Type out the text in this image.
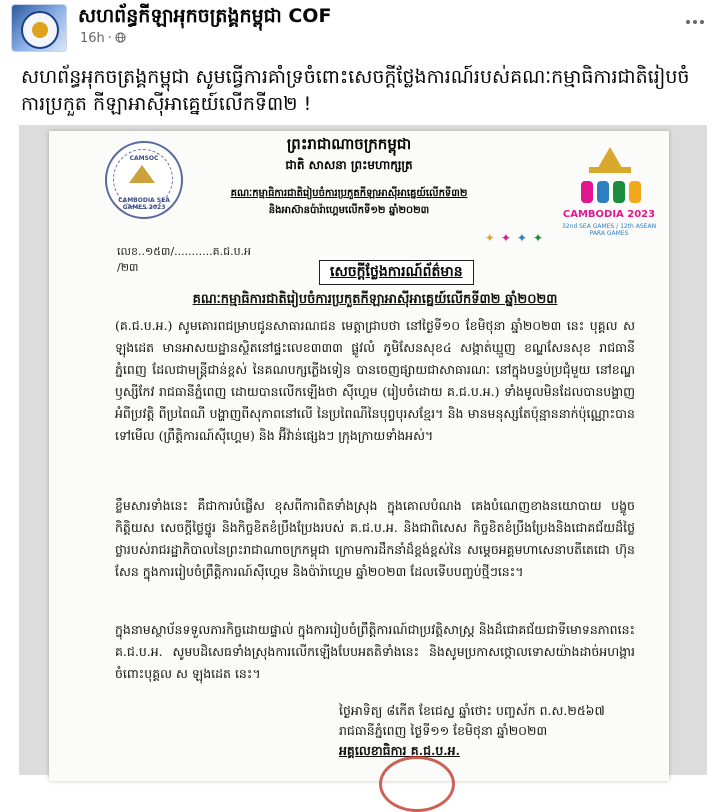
សហព័ន្ធកីឡាអុកចត្រង្គកម្ពុជា COF
16h ·
សហព័ន្ធអុកចត្រង្គកម្ពុជា សូមធ្វើការគាំទ្រចំពោះសេចក្តីថ្លែងការណ៍របស់គណៈកម្មាធិការជាតិរៀបចំការប្រកួត កីឡាអាស៊ីអាគ្នេយ៍លើកទី៣២ !
CAMSOC
CAMBODIA SEA GAMES 2023
ព្រះរាជាណាចក្រកម្ពុជា
ជាតិ សាសនា ព្រះមហាក្សត្រ
គណៈកម្មាធិការជាតិរៀបចំការប្រកួតកីឡាអាស៊ីអាគ្នេយ៍លើកទី៣២
និងអាស៊ានប៉ារ៉ាហ្គេមលើកទី១២ ឆ្នាំ២០២៣
✦✦✦✦
CAMBODIA 2023
32nd SEA GAMES / 12th ASEAN PARA GAMES
លេខ..១៥៣/...........គ.ជ.ប.អ
/២៣	សេចក្តីថ្លែងការណ៍ព័ត៌មាន
គណៈកម្មាធិការជាតិរៀបចំការប្រកួតកីឡាអាស៊ីអាគ្នេយ៍លើកទី៣២ ឆ្នាំ២០២៣
(គ.ជ.ប.អ.) សូមគោរពជម្រាបជូនសាធារណជន មេត្តាជ្រាបថា នៅថ្ងៃទី១០ ខែមិថុនា ឆ្នាំ២០២៣ នេះ បុគ្គល ស ឡុងដេត មានអាសយដ្ឋានស្ថិតនៅផ្ទះលេខ៣៣៣ ផ្លូវលំ ភូមិសែនសុខ៤ សង្កាត់ឃ្មួញ ខណ្ឌសែនសុខ រាជធានីភ្នំពេញ ដែលជាមន្ត្រីជាន់ខ្ពស់ នៃគណបក្សភ្លើងទៀន បានចេញផ្សាយជាសាធារណៈ នៅក្នុងបន្ទប់ប្រជុំមួយ នៅខណ្ឌឫស្សីកែវ រាជធានីភ្នំពេញ ដោយបានលើកឡើងថា ស៊ីហ្គេម (រៀបចំដោយ គ.ជ.ប.អ.) ទាំងមូលមិនដែលបានបង្ហាញអំពីប្រវត្តិ ពីប្រពៃណី បង្ហាញពីសុភាពនៅលើ នៃប្រពៃណីនៃបុព្វបុរសខ្មែរ។ និង មានមនុស្សតែប៉ុន្មាននាក់ប៉ុណ្ណោះបានទៅមើល (ព្រឹត្តិការណ៍ស៊ីហ្គេម) និង អ៊ីវ៉ាន់ផ្សេងៗ ក្រុងក្រាយទាំងអស់។
ខ្លឹមសារទាំងនេះ គឺជាការបំផ្លើស ខុសពីការពិតទាំងស្រុង ក្នុងគោលបំណង គេងបំណេញខាងនយោបាយ បង្ខូចកិត្តិយស សេចក្តីថ្លៃថ្នូរ និងកិច្ចខិតខំប្រឹងប្រែងរបស់ គ.ជ.ប.អ. និងជាពិសេស កិច្ចខិតខំប្រឹងប្រែងនិងជោគជ័យដ៏ថ្លៃថ្លារបស់រាជរដ្ឋាភិបាលនៃព្រះរាជាណាចក្រកម្ពុជា ក្រោមការដឹកនាំដ៏ខ្ពង់ខ្ពស់នៃ សម្តេចអគ្គមហាសេនាបតីតេជោ ហ៊ុន សែន ក្នុងការរៀបចំព្រឹត្តិការណ៍ស៊ីហ្គេម និងប៉ារ៉ាហ្គេម ឆ្នាំ២០២៣ ដែលទើបបញ្ចប់ថ្មីៗនេះ។
ក្នុងនាមស្ថាប័នទទួលភារកិច្ចដោយផ្ទាល់ ក្នុងការរៀបចំព្រឹត្តិការណ៍ជាប្រវត្តិសាស្ត្រ និងដ៏ជោគជ័យជាទីមោទនភាពនេះ គ.ជ.ប.អ. សូមបដិសេធទាំងស្រុងការលើកឡើងបែបអតតិទាំងនេះ និងសូមប្រកាសថ្កោលទោសយ៉ាងដាច់អហង្ការ ចំពោះបុគ្គល ស ឡុងដេត នេះ។
ថ្ងៃអាទិត្យ ៨កើត ខែជេស្ឋ ឆ្នាំថោះ បញ្ចស័ក ព.ស.២៥៦៧
រាជធានីភ្នំពេញ ថ្ងៃទី១១ ខែមិថុនា ឆ្នាំ២០២៣
អគ្គលេខាធិការ គ.ជ.ប.អ.
